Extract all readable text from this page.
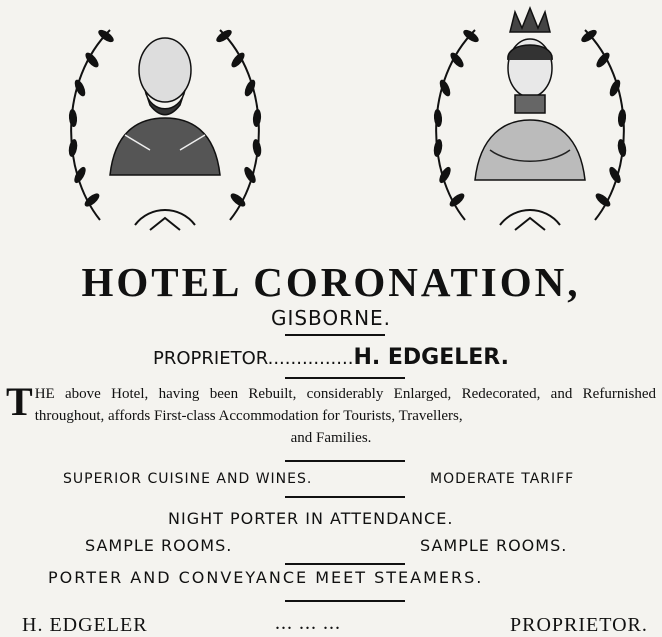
HOTEL CORONATION,
GISBORNE.
PROPRIETOR...............H. EDGELER.
T HE above Hotel, having been Rebuilt, considerably Enlarged, Redecorated, and Refurnished throughout, affords First-class Accommodation for Tourists, Travellers,
and Families.
SUPERIOR CUISINE AND WINES.	MODERATE TARIFF
NIGHT PORTER IN ATTENDANCE.
SAMPLE ROOMS.	SAMPLE ROOMS.
PORTER AND CONVEYANCE MEET STEAMERS.
H. EDGELER	... ... ...	PROPRIETOR.
